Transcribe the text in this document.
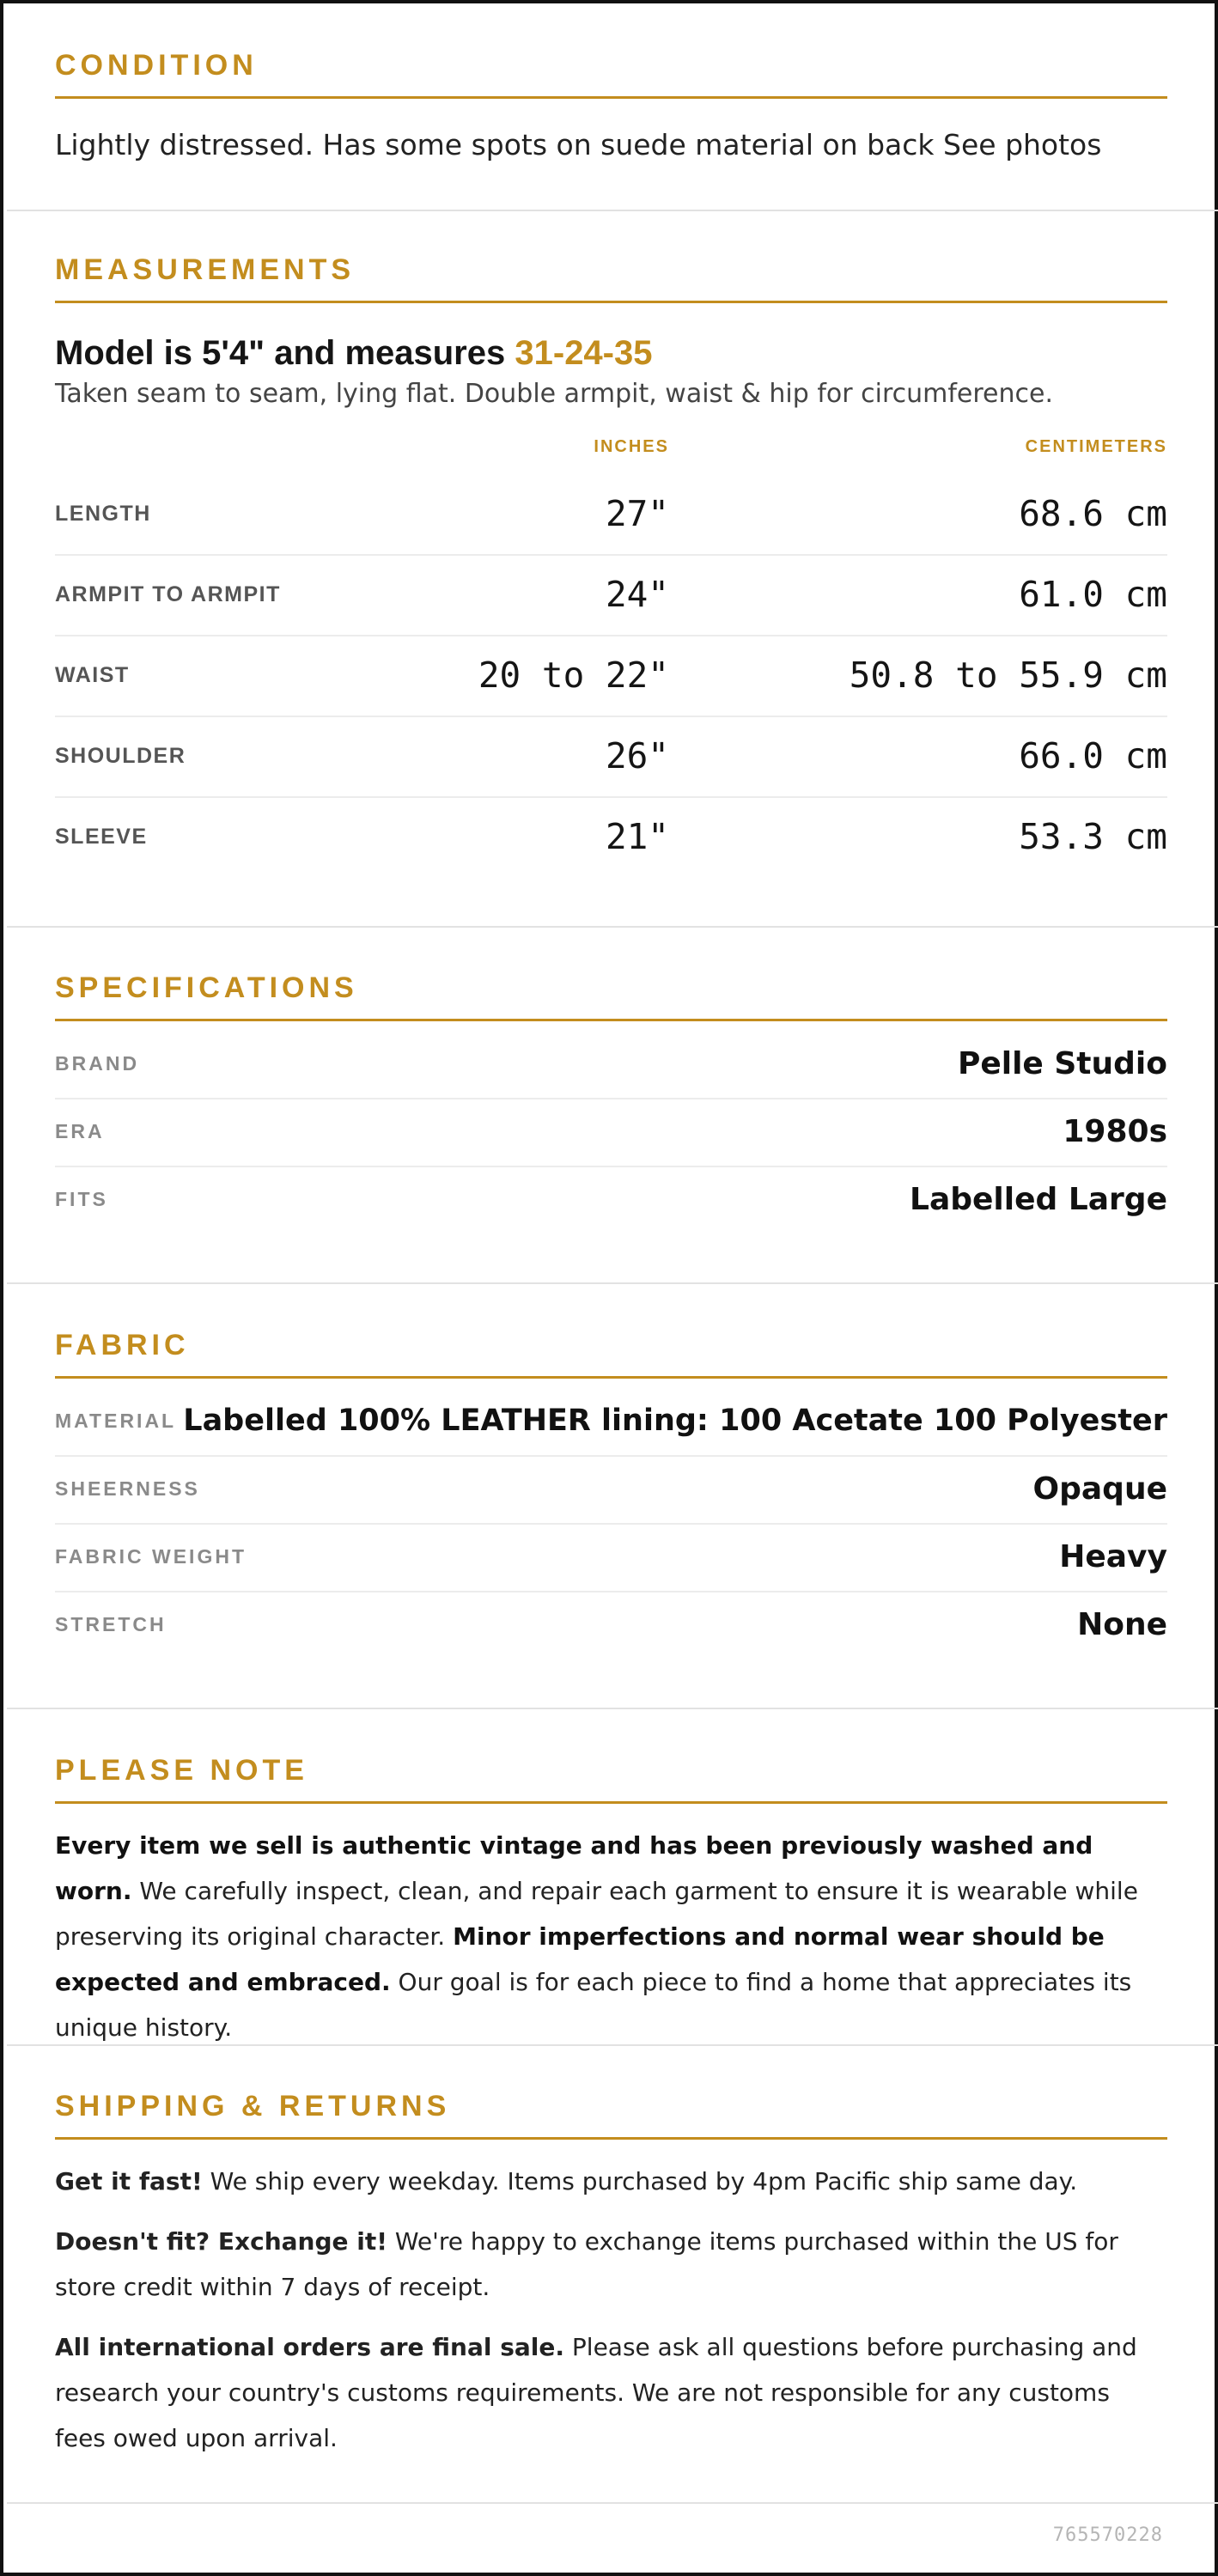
CONDITION
Lightly distressed. Has some spots on suede material on back See photos
MEASUREMENTS
Model is 5'4" and measures 31-24-35
Taken seam to seam, lying flat. Double armpit, waist & hip for circumference.
INCHES	CENTIMETERS
LENGTH	27"	68.6 cm
ARMPIT TO ARMPIT	24"	61.0 cm
WAIST	20 to 22"	50.8 to 55.9 cm
SHOULDER	26"	66.0 cm
SLEEVE	21"	53.3 cm
SPECIFICATIONS
BRAND	Pelle Studio
ERA	1980s
FITS	Labelled Large
FABRIC
MATERIAL Labelled 100% LEATHER lining: 100 Acetate 100 Polyester
SHEERNESS	Opaque
FABRIC WEIGHT	Heavy
STRETCH	None
PLEASE NOTE

Every item we sell is authentic vintage and has been previously washed and worn. We carefully inspect, clean, and repair each garment to ensure it is wearable while preserving its original character. Minor imperfections and normal wear should be expected and embraced. Our goal is for each piece to find a home that appreciates its unique history.

SHIPPING & RETURNS

Get it fast! We ship every weekday. Items purchased by 4pm Pacific ship same day.

Doesn't fit? Exchange it! We're happy to exchange items purchased within the US for store credit within 7 days of receipt.

All international orders are final sale. Please ask all questions before purchasing and research your country's customs requirements. We are not responsible for any customs fees owed upon arrival.

765570228
